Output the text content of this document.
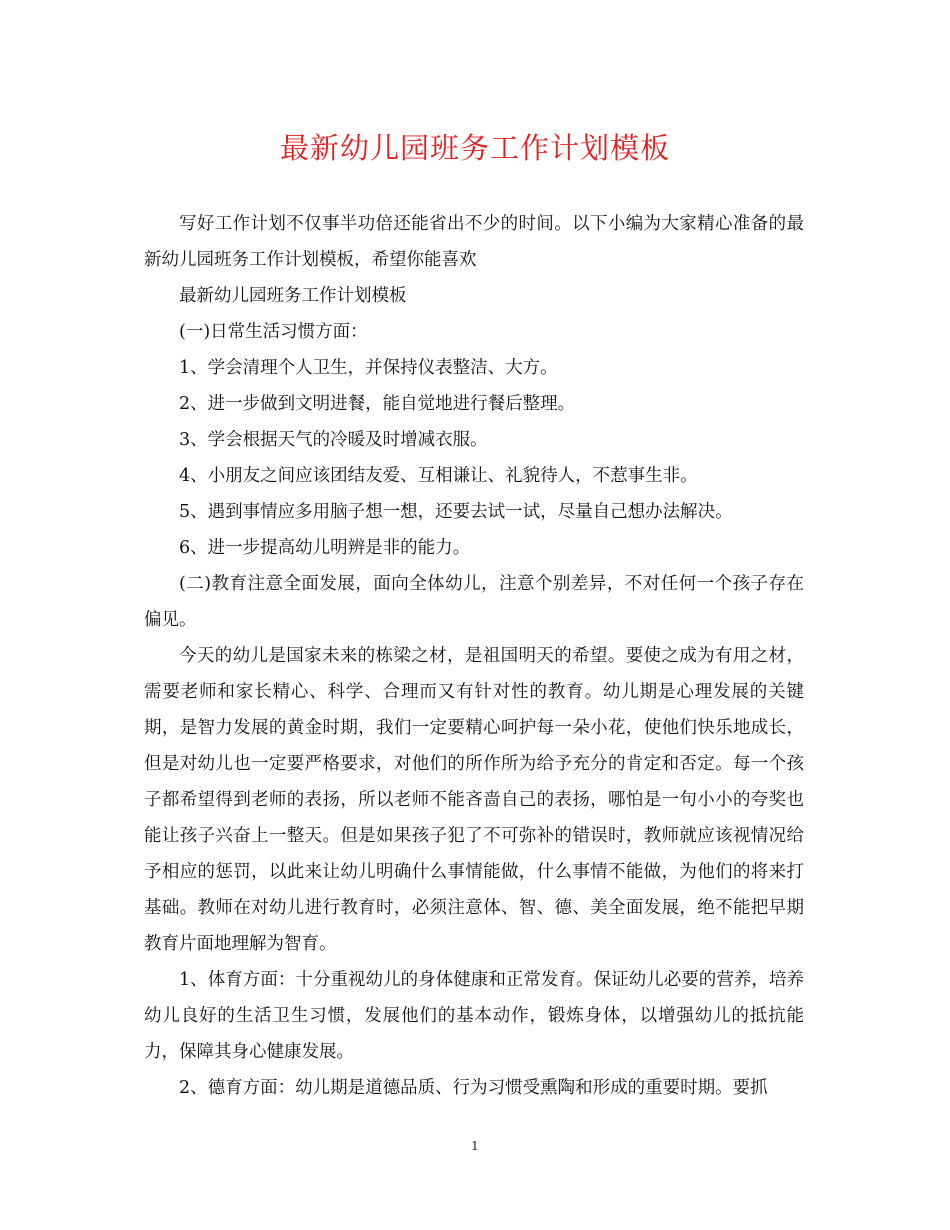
最新幼儿园班务工作计划模板

写好工作计划不仅事半功倍还能省出不少的时间。以下小编为大家精心准备的最新幼儿园班务工作计划模板，希望你能喜欢

最新幼儿园班务工作计划模板

(一)日常生活习惯方面：

1、学会清理个人卫生，并保持仪表整洁、大方。

2、进一步做到文明进餐，能自觉地进行餐后整理。

3、学会根据天气的冷暖及时增减衣服。

4、小朋友之间应该团结友爱、互相谦让、礼貌待人，不惹事生非。

5、遇到事情应多用脑子想一想，还要去试一试，尽量自己想办法解决。

6、进一步提高幼儿明辨是非的能力。

(二)教育注意全面发展，面向全体幼儿，注意个别差异，不对任何一个孩子存在偏见。

今天的幼儿是国家未来的栋梁之材，是祖国明天的希望。要使之成为有用之材，需要老师和家长精心、科学、合理而又有针对性的教育。幼儿期是心理发展的关键期，是智力发展的黄金时期，我们一定要精心呵护每一朵小花，使他们快乐地成长，但是对幼儿也一定要严格要求，对他们的所作所为给予充分的肯定和否定。每一个孩子都希望得到老师的表扬，所以老师不能吝啬自己的表扬，哪怕是一句小小的夸奖也能让孩子兴奋上一整天。但是如果孩子犯了不可弥补的错误时，教师就应该视情况给予相应的惩罚，以此来让幼儿明确什么事情能做，什么事情不能做，为他们的将来打基础。教师在对幼儿进行教育时，必须注意体、智、德、美全面发展，绝不能把早期教育片面地理解为智育。

1、体育方面：十分重视幼儿的身体健康和正常发育。保证幼儿必要的营养，培养幼儿良好的生活卫生习惯，发展他们的基本动作，锻炼身体，以增强幼儿的抵抗能力，保障其身心健康发展。

2、德育方面：幼儿期是道德品质、行为习惯受熏陶和形成的重要时期。要抓

1
